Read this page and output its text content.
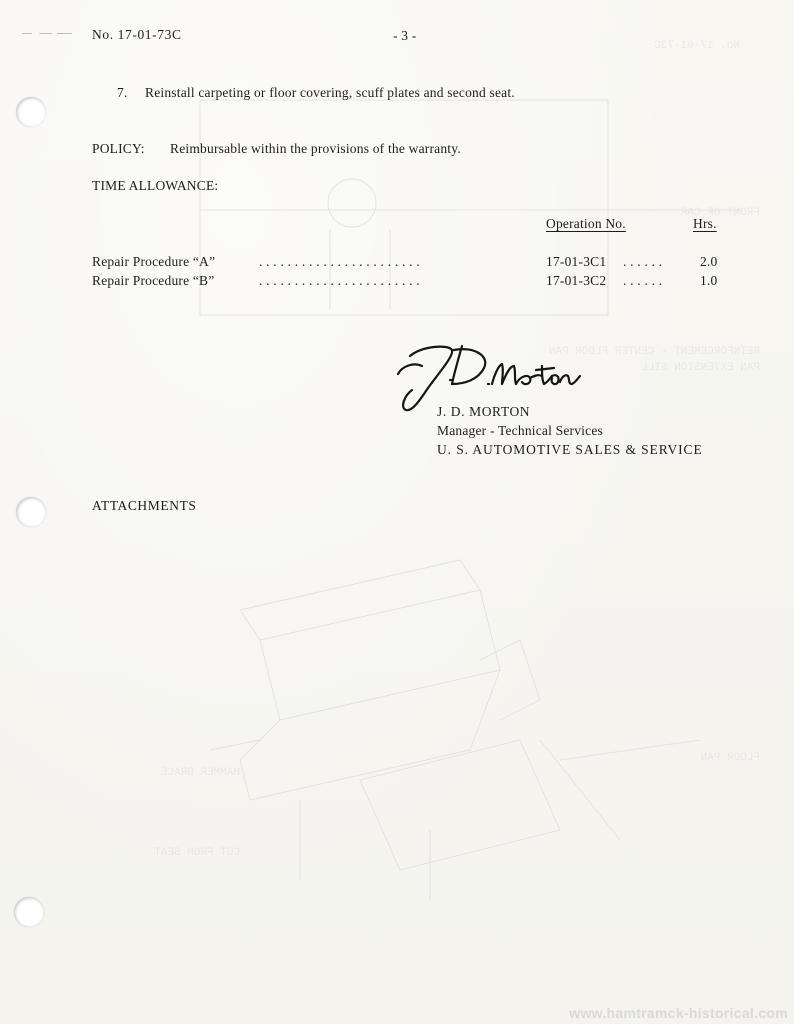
No. 17-01-73C
FRONT OF CAR
REINFORCEMENT - CENTER FLOOR PAN
PAN EXTENSION SILL
FLOOR PAN
HAMMER BRACE
CUT FROM SEAT
No. 17-01-73C	- 3 -
7. Reinstall carpeting or floor covering, scuff plates and second seat.
POLICY: Reimbursable within the provisions of the warranty.
TIME ALLOWANCE:
Operation No.	Hrs.
Repair Procedure “A”	. . . . . . . . . . . . . . . . . . . . . . .	17-01-3C1 . . . . . .	2.0
Repair Procedure “B”	. . . . . . . . . . . . . . . . . . . . . . .	17-01-3C2 . . . . . .	1.0
J. D. MORTON
Manager - Technical Services
U. S. AUTOMOTIVE SALES & SERVICE
ATTACHMENTS
www.hamtramck-historical.com
